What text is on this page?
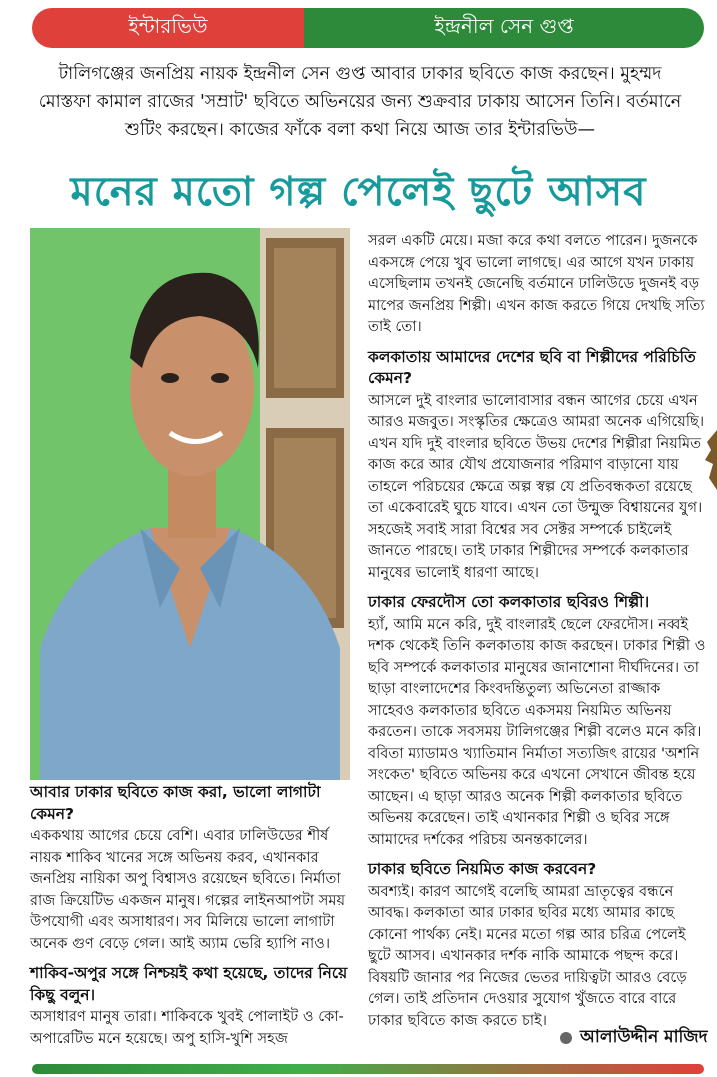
ইন্টারভিউ	ইন্দ্রনীল সেন গুপ্ত
টালিগঞ্জের জনপ্রিয় নায়ক ইন্দ্রনীল সেন গুপ্ত আবার ঢাকার ছবিতে কাজ করছেন। মুহম্মদ মোস্তফা কামাল রাজের 'সম্রাট' ছবিতে অভিনয়ের জন্য শুক্রবার ঢাকায় আসেন তিনি। বর্তমানে শুটিং করছেন। কাজের ফাঁকে বলা কথা নিয়ে আজ তার ইন্টারভিউ—
মনের মতো গল্প পেলেই ছুটে আসব

আবার ঢাকার ছবিতে কাজ করা, ভালো লাগাটা কেমন?

এককথায় আগের চেয়ে বেশি। এবার ঢালিউডের শীর্ষ নায়ক শাকিব খানের সঙ্গে অভিনয় করব, এখানকার জনপ্রিয় নায়িকা অপু বিশ্বাসও রয়েছেন ছবিতে। নির্মাতা রাজ ক্রিয়েটিভ একজন মানুষ। গল্পের লাইনআপটা সময় উপযোগী এবং অসাধারণ। সব মিলিয়ে ভালো লাগাটা অনেক গুণ বেড়ে গেল। আই অ্যাম ভেরি হ্যাপি নাও।

শাকিব-অপুর সঙ্গে নিশ্চয়ই কথা হয়েছে, তাদের নিয়ে কিছু বলুন।

অসাধারণ মানুষ তারা। শাকিবকে খুবই পোলাইট ও কো-অপারেটিভ মনে হয়েছে। অপু হাসি-খুশি সহজ

সরল একটি মেয়ে। মজা করে কথা বলতে পারেন। দুজনকে একসঙ্গে পেয়ে খুব ভালো লাগছে। এর আগে যখন ঢাকায় এসেছিলাম তখনই জেনেছি বর্তমানে ঢালিউডে দুজনই বড় মাপের জনপ্রিয় শিল্পী। এখন কাজ করতে গিয়ে দেখছি সত্যি তাই তো।

কলকাতায় আমাদের দেশের ছবি বা শিল্পীদের পরিচিতি কেমন?

আসলে দুই বাংলার ভালোবাসার বন্ধন আগের চেয়ে এখন আরও মজবুত। সংস্কৃতির ক্ষেত্রেও আমরা অনেক এগিয়েছি। এখন যদি দুই বাংলার ছবিতে উভয় দেশের শিল্পীরা নিয়মিত কাজ করে আর যৌথ প্রযোজনার পরিমাণ বাড়ানো যায় তাহলে পরিচয়ের ক্ষেত্রে অল্প স্বল্প যে প্রতিবন্ধকতা রয়েছে তা একেবারেই ঘুচে যাবে। এখন তো উন্মুক্ত বিশ্বায়নের যুগ। সহজেই সবাই সারা বিশ্বের সব সেক্টর সম্পর্কে চাইলেই জানতে পারছে। তাই ঢাকার শিল্পীদের সম্পর্কে কলকাতার মানুষের ভালোই ধারণা আছে।

ঢাকার ফেরদৌস তো কলকাতার ছবিরও শিল্পী।

হ্যাঁ, আমি মনে করি, দুই বাংলারই ছেলে ফেরদৌস। নব্বই দশক থেকেই তিনি কলকাতায় কাজ করছেন। ঢাকার শিল্পী ও ছবি সম্পর্কে কলকাতার মানুষের জানাশোনা দীর্ঘদিনের। তা ছাড়া বাংলাদেশের কিংবদন্তিতুল্য অভিনেতা রাজ্জাক সাহেবও কলকাতার ছবিতে একসময় নিয়মিত অভিনয় করতেন। তাকে সবসময় টালিগঞ্জের শিল্পী বলেও মনে করি। ববিতা ম্যাডামও খ্যাতিমান নির্মাতা সত্যজিৎ রায়ের 'অশনি সংকেত' ছবিতে অভিনয় করে এখনো সেখানে জীবন্ত হয়ে আছেন। এ ছাড়া আরও অনেক শিল্পী কলকাতার ছবিতে অভিনয় করেছেন। তাই এখানকার শিল্পী ও ছবির সঙ্গে আমাদের দর্শকের পরিচয় অনন্তকালের।

ঢাকার ছবিতে নিয়মিত কাজ করবেন?

অবশ্যই। কারণ আগেই বলেছি আমরা ভ্রাতৃত্বের বন্ধনে আবদ্ধ। কলকাতা আর ঢাকার ছবির মধ্যে আমার কাছে কোনো পার্থক্য নেই। মনের মতো গল্প আর চরিত্র পেলেই ছুটে আসব। এখানকার দর্শক নাকি আমাকে পছন্দ করে। বিষয়টি জানার পর নিজের ভেতর দায়িত্বটা আরও বেড়ে গেল। তাই প্রতিদান দেওয়ার সুযোগ খুঁজতে বারে বারে ঢাকার ছবিতে কাজ করতে চাই।

আলাউদ্দীন মাজিদ
